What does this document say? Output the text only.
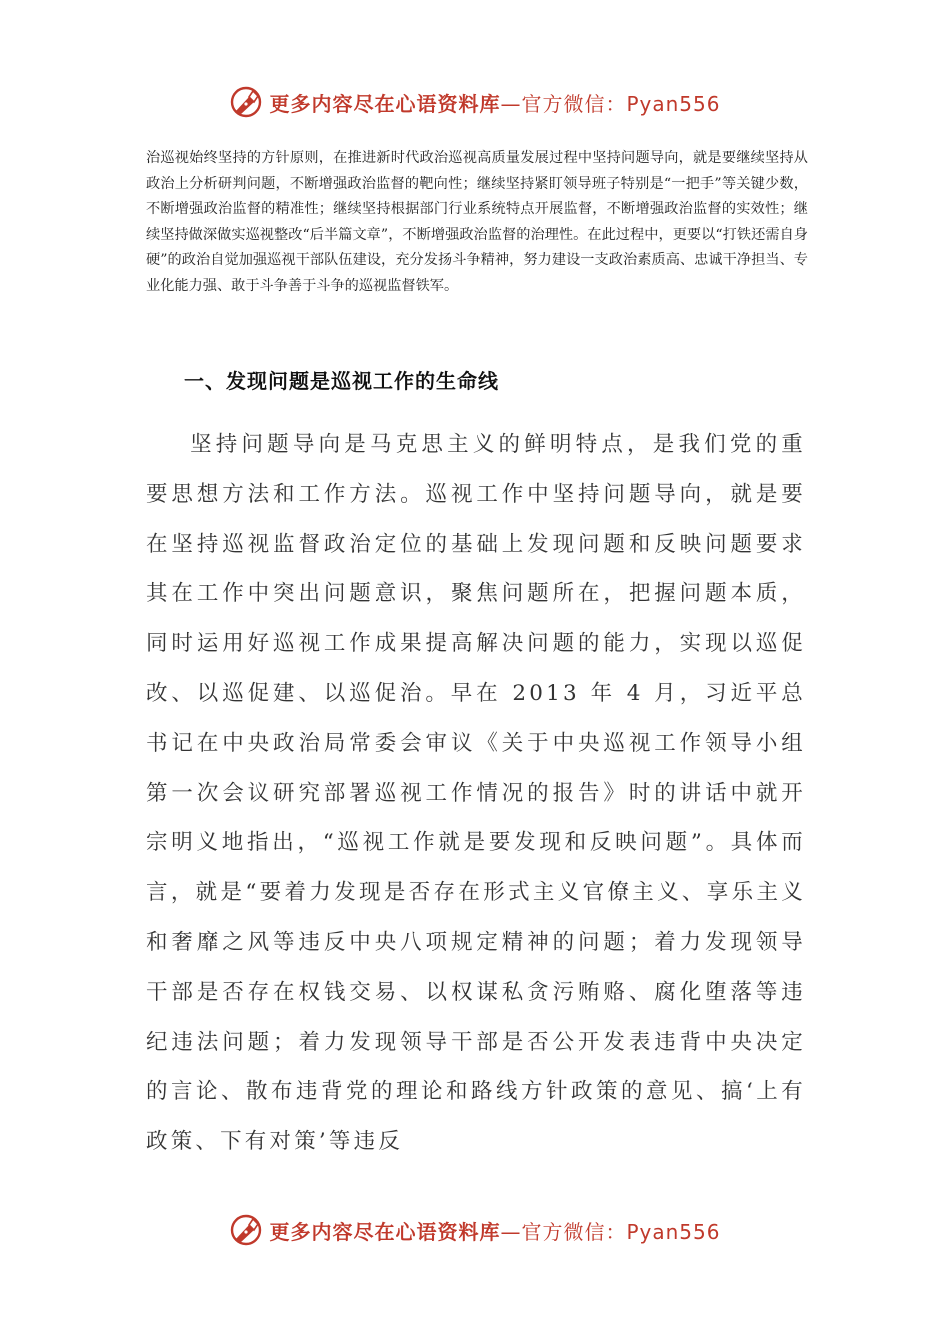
更多内容尽在心语资料库—官方微信：Pyan556

治巡视始终坚持的方针原则，在推进新时代政治巡视高质量发展过程中坚持问题导向，就是要继续坚持从政治上分析研判问题，不断增强政治监督的靶向性；继续坚持紧盯领导班子特别是“一把手”等关键少数，不断增强政治监督的精准性；继续坚持根据部门行业系统特点开展监督，不断增强政治监督的实效性；继续坚持做深做实巡视整改“后半篇文章”，不断增强政治监督的治理性。在此过程中，更要以“打铁还需自身硬”的政治自觉加强巡视干部队伍建设，充分发扬斗争精神，努力建设一支政治素质高、忠诚干净担当、专业化能力强、敢于斗争善于斗争的巡视监督铁军。

一、发现问题是巡视工作的生命线

坚持问题导向是马克思主义的鲜明特点，是我们党的重要思想方法和工作方法。巡视工作中坚持问题导向，就是要在坚持巡视监督政治定位的基础上发现问题和反映问题要求其在工作中突出问题意识，聚焦问题所在，把握问题本质，同时运用好巡视工作成果提高解决问题的能力，实现以巡促改、以巡促建、以巡促治。早在 2013 年 4 月，习近平总书记在中央政治局常委会审议《关于中央巡视工作领导小组第一次会议研究部署巡视工作情况的报告》时的讲话中就开宗明义地指出，“巡视工作就是要发现和反映问题”。具体而言，就是“要着力发现是否存在形式主义官僚主义、享乐主义和奢靡之风等违反中央八项规定精神的问题；着力发现领导干部是否存在权钱交易、以权谋私贪污贿赂、腐化堕落等违纪违法问题；着力发现领导干部是否公开发表违背中央决定的言论、散布违背党的理论和路线方针政策的意见、搞‘上有政策、下有对策’等违反

更多内容尽在心语资料库—官方微信：Pyan556
